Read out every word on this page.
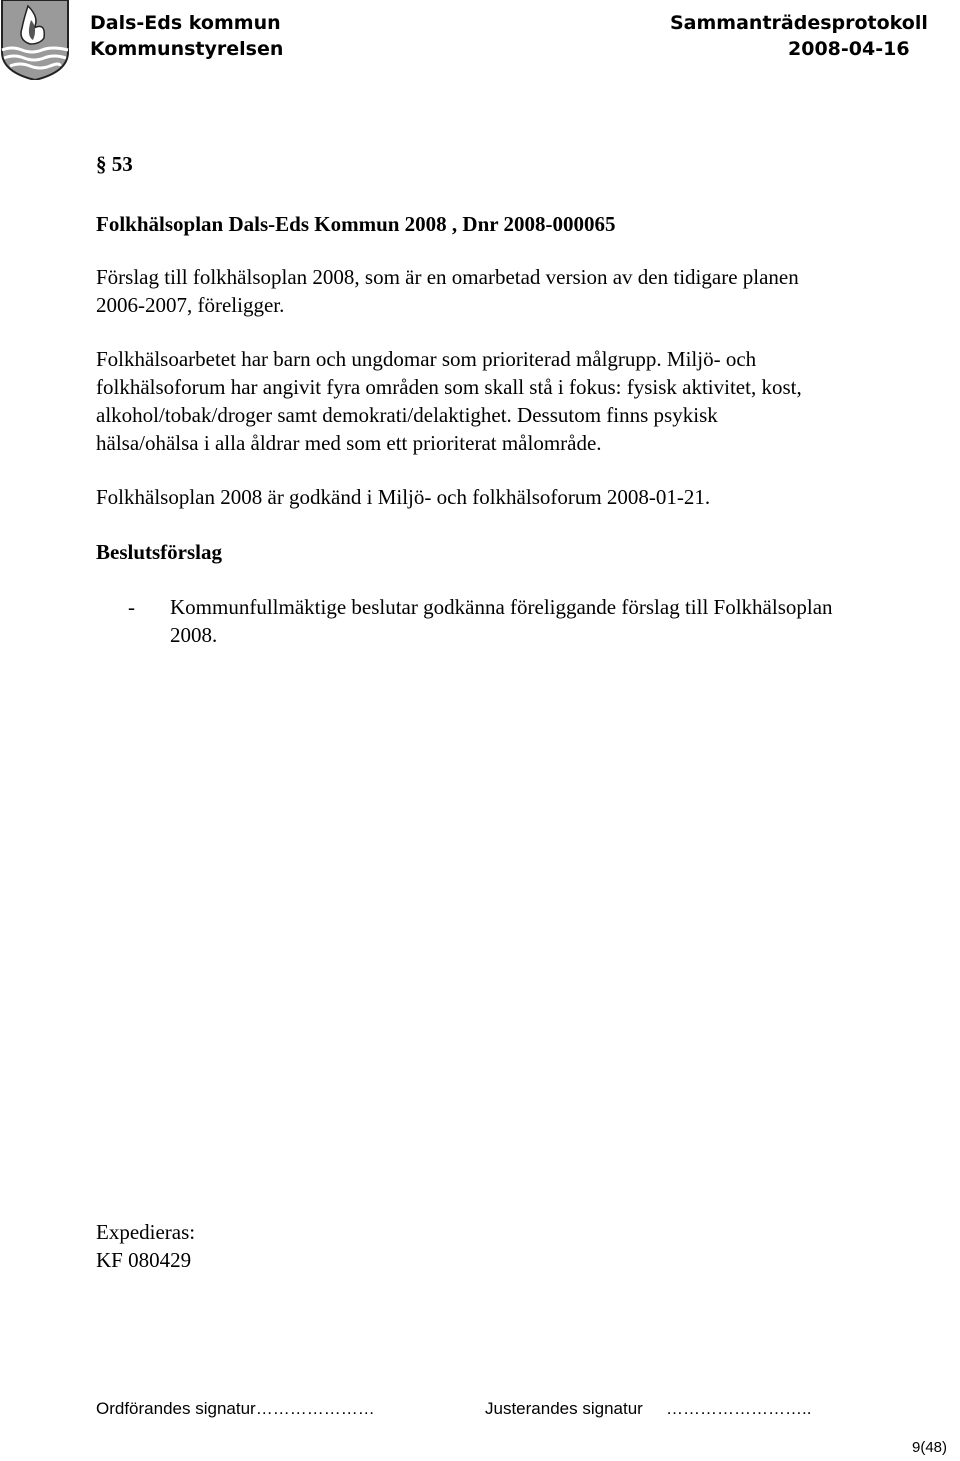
Dals-Eds kommun
Kommunstyrelsen
Sammanträdesprotokoll
2008-04-16
§ 53
Folkhälsoplan Dals-Eds Kommun 2008 , Dnr 2008-000065
Förslag till folkhälsoplan 2008, som är en omarbetad version av den tidigare planen
2006-2007, föreligger.
Folkhälsoarbetet har barn och ungdomar som prioriterad målgrupp. Miljö- och
folkhälsoforum har angivit fyra områden som skall stå i fokus: fysisk aktivitet, kost,
alkohol/tobak/droger samt demokrati/delaktighet. Dessutom finns psykisk
hälsa/ohälsa i alla åldrar med som ett prioriterat målområde.
Folkhälsoplan 2008 är godkänd i Miljö- och folkhälsoforum 2008-01-21.
Beslutsförslag
- Kommunfullmäktige beslutar godkänna föreliggande förslag till Folkhälsoplan
2008.
Expedieras:
KF 080429
Ordförandes signatur…………………	Justerandes signatur ……………………..
9(48)
